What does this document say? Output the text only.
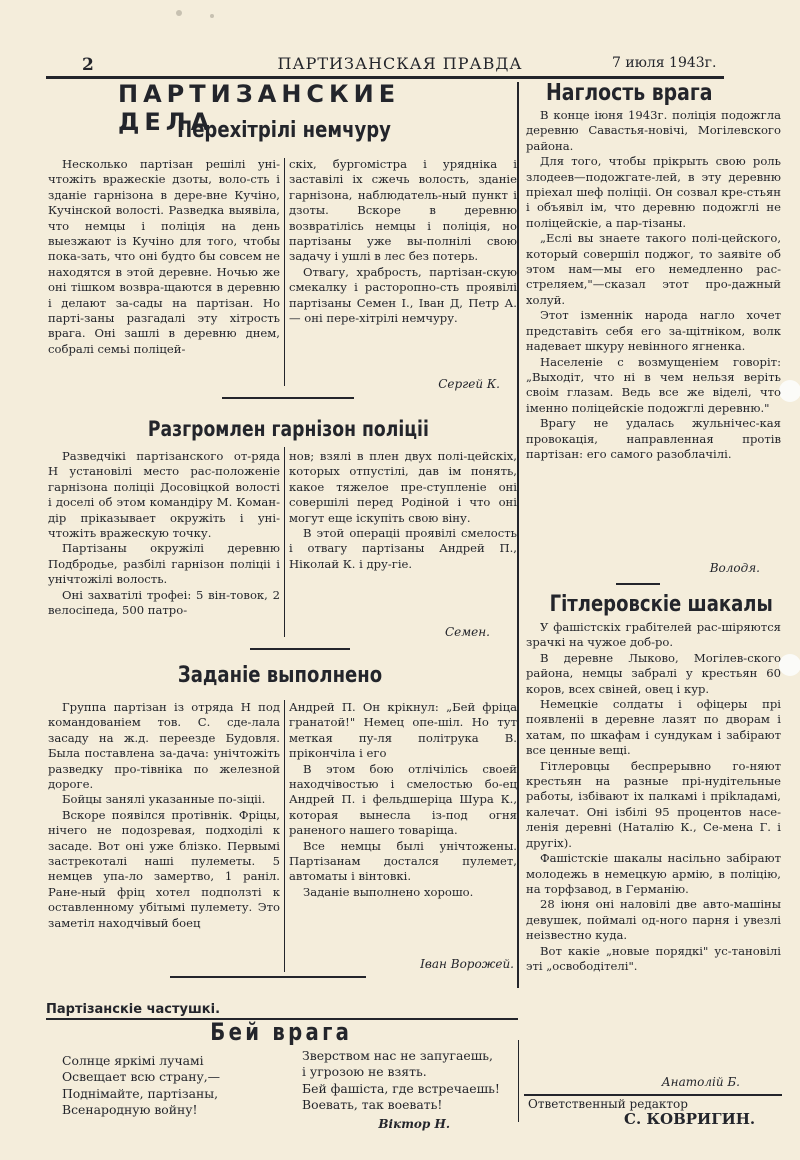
2	ПАРТИЗАНСКАЯ ПРАВДА	7 июля 1943г.
ПАРТИЗАНСКИЕ ДЕЛА
Перехітрілі немчуру

Несколько партізан решілі уні-чтожіть вражескіе дзоты, воло-сть і зданіе гарнізона в дере-вне Кучіно, Кучінской волості. Разведка выявіла, что немцы і поліція на день выезжают із Кучіно для того, чтобы пока-зать, что оні будто бы совсем не находятся в этой деревне. Ночью же оні тішком возвра-щаются в деревню і делают за-сады на партізан. Но парті-заны разгадалі эту хітрость врага. Оні зашлі в деревню днем, собралі семьі поліцей-

скіх, бургомістра і урядніка і заставілі іх сжечь волость, зданіе гарнізона, наблюдатель-ный пункт і дзоты. Вскоре в деревню возвратілісь немцы і поліція, но партізаны уже вы-полнілі свою задачу і ушлі в лес без потерь.

Отвагу, храбрость, партізан-скую смекалку і расторопно-сть проявілі партізаны Семен І., Іван Д, Петр А. — оні пере-хітрілі немчуру.

Сергей К.
Разгромлен гарнізон поліціі

Разведчікі партізанского от-ряда Н установілі место рас-положеніе гарнізона поліціі Досовіцкой волості і доселі об этом командіру М. Коман-дір пріказывает окружіть і уні-чтожіть вражескую точку.

Партізаны окружілі деревню Подбродье, разбілі гарнізон поліціі і унічтожілі волость.

Оні захватілі трофеі: 5 він-товок, 2 велосіпеда, 500 патро-

нов; взялі в плен двух полі-цейскіх, которых отпустілі, дав ім понять, какое тяжелое пре-ступленіе оні совершілі перед Родіной і что оні могут еще іскупіть свою віну.

В этой операціі проявілі смелость і отвагу партізаны Андрей П., Ніколай К. і дру-гіе.

Семен.
Заданіе выполнено

Группа партізан із отряда Н под командованіем тов. С. сде-лала засаду на ж.д. переезде Будовля. Была поставлена за-дача: унічтожіть разведку про-тівніка по железной дороге.

Бойцы занялі указанные по-зіціі.

Вскоре появілся протівнік. Фріцы, нічего не подозревая, подходілі к засаде. Вот оні уже блізко. Первымі застрекоталі нашi пулеметы. 5 немцев упа-ло замертво, 1 раніл. Ране-ный фріц хотел подползті к оставленному убітымі пулемету. Это заметіл находчівый боец

Андрей П. Он крікнул: „Бей фріца гранатой!" Немец опе-шіл. Но тут меткая пу-ля політрука В. прікончіла і его

В этом бою отлічілісь своей находчівостью і смелостью бо-ец Андрей П. і фельдшеріца Шура К., которая вынесла із-под огня раненого нашего товаріща.

Все немцы былі унічтожены. Партізанам достался пулемет, автоматы і вінтовкі.

Заданіе выполнено хорошо.

Іван Ворожей.
Наглость врага

В конце іюня 1943г. поліція подожгла деревню Савастья-новічі, Могілевского района.

Для того, чтобы прікрыть свою роль злодеев—подожгате-лей, в эту деревню пріехал шеф поліціі. Он созвал кре-стьян і объявіл ім, что деревню подожглі не поліцейскіе, а пар-тізаны.

„Еслі вы знаете такого полі-цейского, который совершіл поджог, то заявіте об этом нам—мы его немедленно рас-стреляем,"—сказал этот про-дажный холуй.

Этот ізменнік народа нагло хочет представіть себя его за-щітніком, волк надевает шкуру невінного ягненка.

Населеніе с возмущеніем говоріт: „Выходіт, что ні в чем нельзя веріть своім глазам. Ведь все же віделі, что іменно поліцейскіе подожглі деревню."

Врагу не удалась жульнічес-кая провокація, направленная протів партізан: его самого разоблачілі.

Володя.
Гітлеровскіе шакалы

У фашістскіх грабітелей рас-шіряются зрачкі на чужое доб-ро.

В деревне Лыково, Могілев-ского района, немцы забралі у крестьян 60 коров, всех свіней, овец і кур.

Немецкіе солдаты і офіцеры прі появленіі в деревне лазят по дворам і хатам, по шкафам і сундукам і забірают все ценные вещі.

Гітлеровцы беспрерывно го-няют крестьян на разные прі-нудітельные работы, ізбівают іх палкамі і пріkладамі, калечат. Оні ізбілі 95 процентов насе-ленія деревні (Наталію К., Се-мена Г. і другіх).

Фашістскіе шакалы насільно забірают молодежь в немецкую армію, в поліцію, на торфзавод, в Германію.

28 іюня оні наловілі две авто-машіны девушек, поймалі од-ного парня і увезлі неізвестно куда.

Вот какіе „новые порядкі" ус-тановілі эті „освободітелі".

Анатолій Б.
Партізанскіе частушкі.
Бей врага
Солнце яркімі лучамі
Освещает всю страну,—
Поднімайте, партізаны,
Всенародную войну!
Зверством нас не запугаешь,
і угрозою не взять.
Бей фашіста, где встречаешь!
Воевать, так воевать!
Віктор Н.
Ответственный редактор
С. КОВРИГИН.
